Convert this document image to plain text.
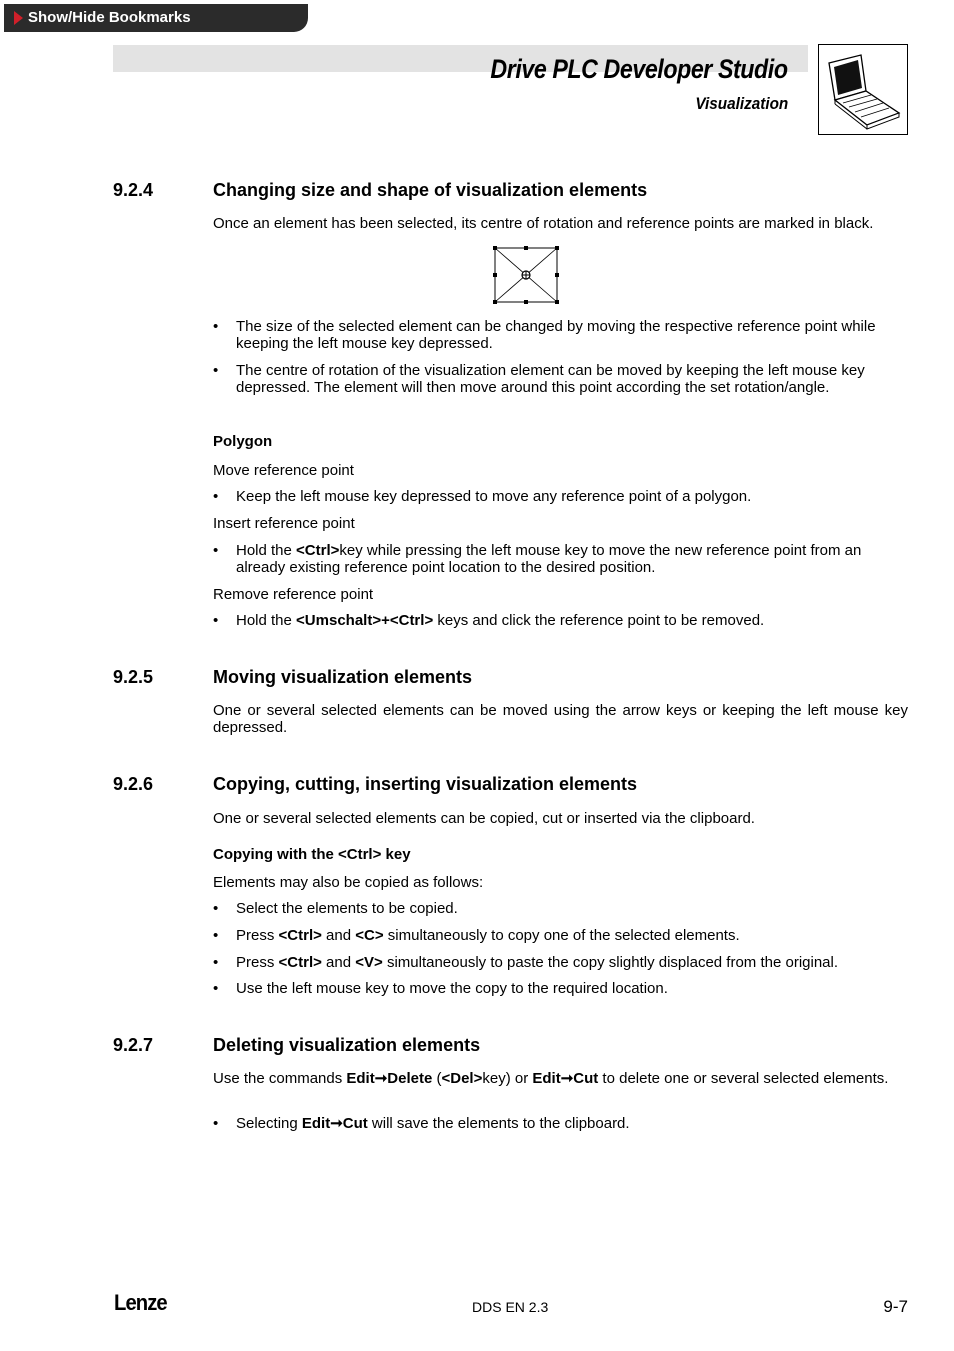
Show/Hide Bookmarks
Drive PLC Developer Studio
Visualization
9.2.4	Changing size and shape of visualization elements
Once an element has been selected, its centre of rotation and reference points are marked in black.
• The size of the selected element can be changed by moving the respective reference point while keeping the left mouse key depressed.
• The centre of rotation of the visualization element can be moved by keeping the left mouse key depressed. The element will then move around this point according the set rotation/angle.
Polygon
Move reference point
• Keep the left mouse key depressed to move any reference point of a polygon.
Insert reference point
• Hold the <Ctrl>key while pressing the left mouse key to move the new reference point from an already existing reference point location to the desired position.
Remove reference point
• Hold the <Umschalt>+<Ctrl> keys and click the reference point to be removed.
9.2.5	Moving visualization elements
One or several selected elements can be moved using the arrow keys or keeping the left mouse key depressed.
9.2.6	Copying, cutting, inserting visualization elements
One or several selected elements can be copied, cut or inserted via the clipboard.
Copying with the <Ctrl> key
Elements may also be copied as follows:
• Select the elements to be copied.
• Press <Ctrl> and <C> simultaneously to copy one of the selected elements.
• Press <Ctrl> and <V> simultaneously to paste the copy slightly displaced from the original.
• Use the left mouse key to move the copy to the required location.
9.2.7	Deleting visualization elements
Use the commands Edit➞Delete (<Del>key) or Edit➞Cut to delete one or several selected elements.
• Selecting Edit➞Cut will save the elements to the clipboard.
Lenze	DDS EN 2.3	9-7
